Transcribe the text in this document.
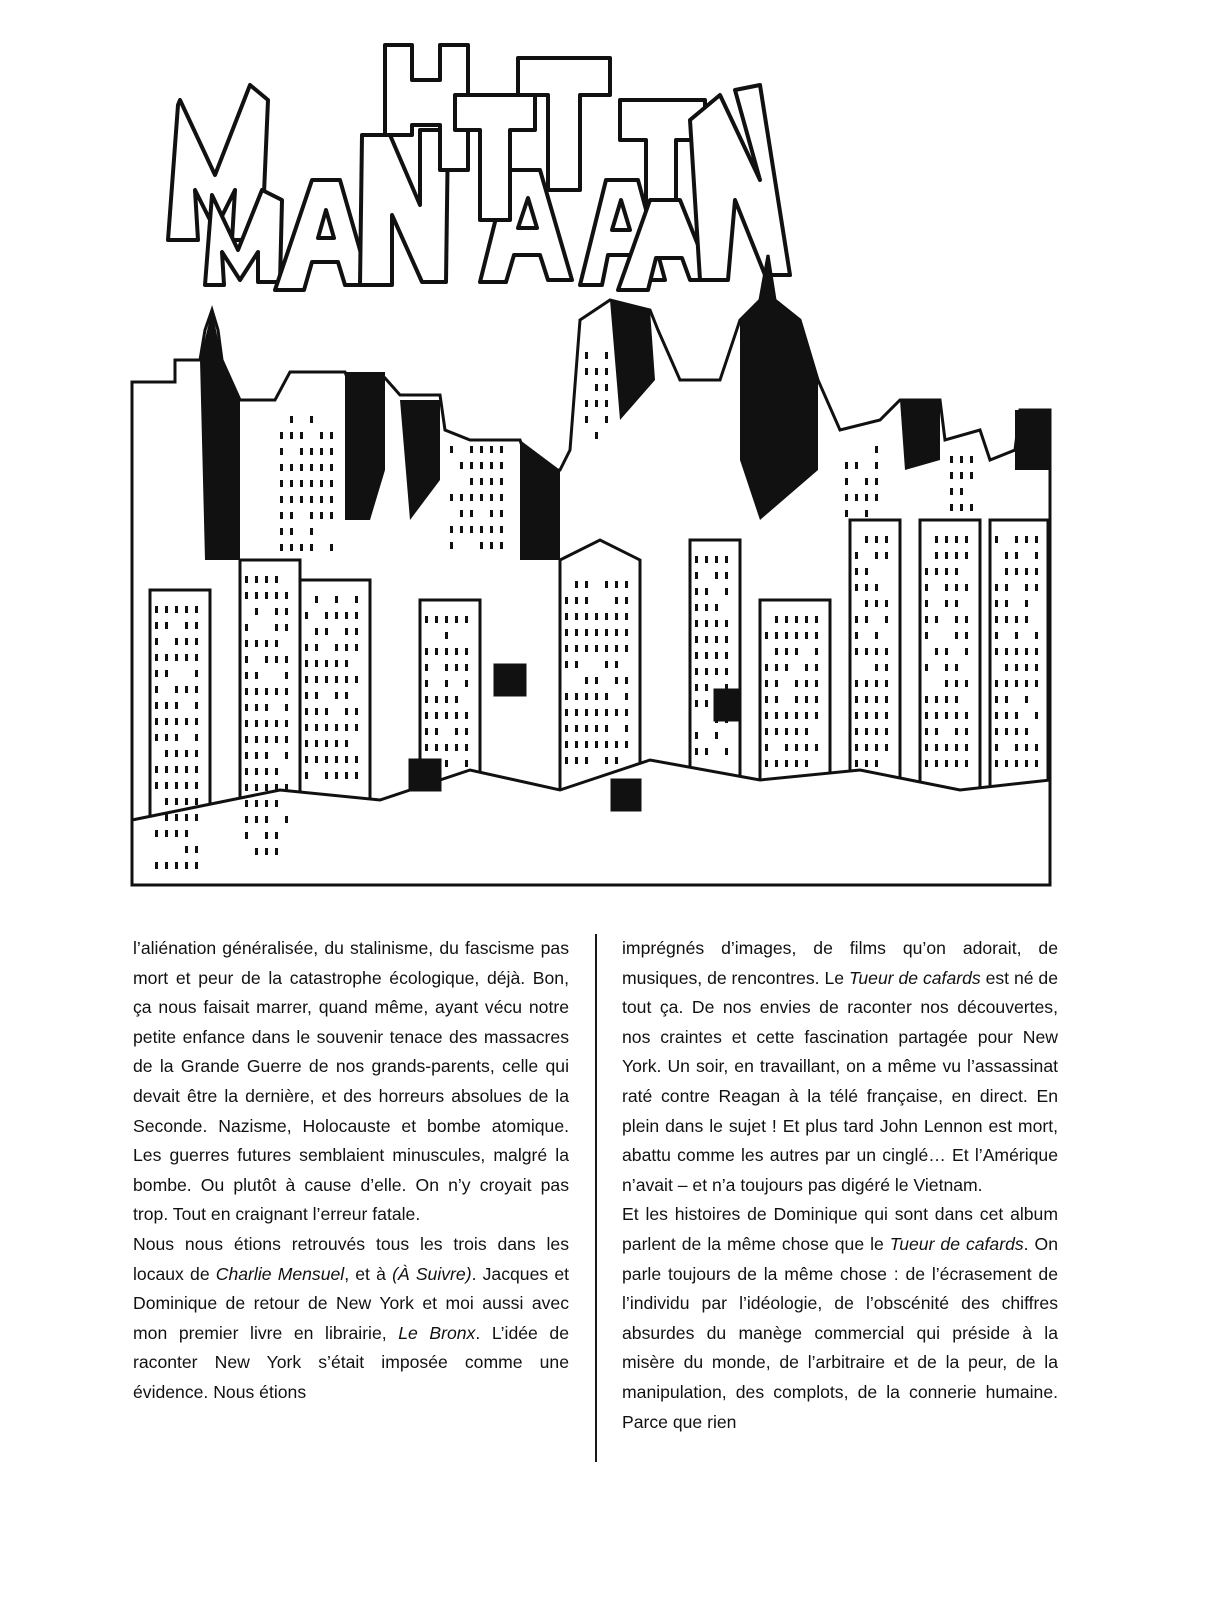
l’aliénation généralisée, du stalinisme, du fascisme pas mort et peur de la catastrophe écologique, déjà. Bon, ça nous faisait marrer, quand même, ayant vécu notre petite enfance dans le souvenir tenace des massacres de la Grande Guerre de nos grands-parents, celle qui devait être la dernière, et des horreurs absolues de la Seconde. Nazisme, Holocauste et bombe atomique. Les guerres futures semblaient minuscules, malgré la bombe. Ou plutôt à cause d’elle. On n’y croyait pas trop. Tout en craignant l’erreur fatale.

Nous nous étions retrouvés tous les trois dans les locaux de Charlie Mensuel, et à (À Suivre). Jacques et Dominique de retour de New York et moi aussi avec mon premier livre en librairie, Le Bronx. L’idée de raconter New York s’était imposée comme une évidence. Nous étions

imprégnés d’images, de films qu’on adorait, de musiques, de rencontres. Le Tueur de cafards est né de tout ça. De nos envies de raconter nos découvertes, nos craintes et cette fascination partagée pour New York. Un soir, en travaillant, on a même vu l’assassinat raté contre Reagan à la télé française, en direct. En plein dans le sujet ! Et plus tard John Lennon est mort, abattu comme les autres par un cinglé… Et l’Amérique n’avait – et n’a toujours pas digéré le Vietnam.

Et les histoires de Dominique qui sont dans cet album parlent de la même chose que le Tueur de cafards. On parle toujours de la même chose : de l’écrasement de l’individu par l’idéologie, de l’obscénité des chiffres absurdes du manège commercial qui préside à la misère du monde, de l’arbitraire et de la peur, de la manipulation, des complots, de la connerie humaine. Parce que rien
